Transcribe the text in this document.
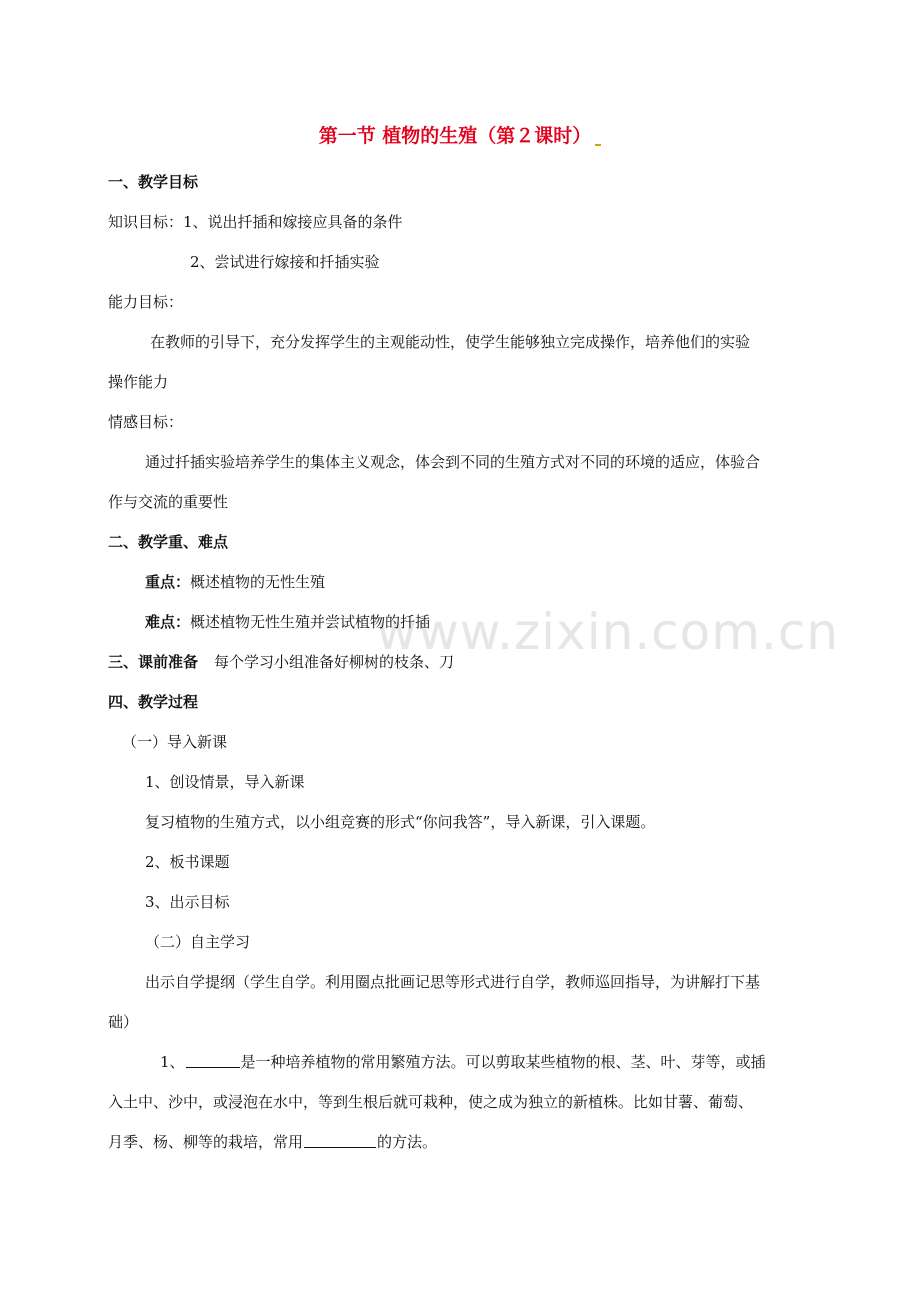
www.zixin.com.cn
第一节 植物的生殖（第２课时）
一、教学目标
知识目标：1、说出扦插和嫁接应具备的条件
2、尝试进行嫁接和扦插实验
能力目标：
在教师的引导下，充分发挥学生的主观能动性，使学生能够独立完成操作，培养他们的实验
操作能力
情感目标：
通过扦插实验培养学生的集体主义观念，体会到不同的生殖方式对不同的环境的适应，体验合
作与交流的重要性
二、教学重、难点
重点：概述植物的无性生殖
难点：概述植物无性生殖并尝试植物的扦插
三、课前准备 每个学习小组准备好柳树的枝条、刀
四、教学过程
（一）导入新课
1、创设情景，导入新课
复习植物的生殖方式，以小组竞赛的形式“你问我答”，导入新课，引入课题。
2、板书课题
3、出示目标
（二）自主学习
出示自学提纲（学生自学。利用圈点批画记思等形式进行自学，教师巡回指导，为讲解打下基
础）
1、	是一种培养植物的常用繁殖方法。可以剪取某些植物的根、茎、叶、芽等，或插
入土中、沙中，或浸泡在水中，等到生根后就可栽种，使之成为独立的新植株。比如甘薯、葡萄、
月季、杨、柳等的栽培，常用	的方法。
